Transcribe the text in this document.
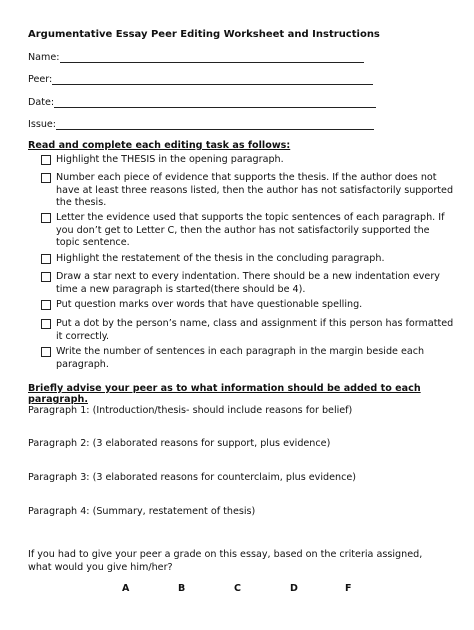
Argumentative Essay Peer Editing Worksheet and Instructions
Name:
Peer:
Date:
Issue:
Read and complete each editing task as follows:
Highlight the THESIS in the opening paragraph.
Number each piece of evidence that supports the thesis. If the author does not have at least three reasons listed, then the author has not satisfactorily supported the thesis.
Letter the evidence used that supports the topic sentences of each paragraph. If you don’t get to Letter C, then the author has not satisfactorily supported the topic sentence.
Highlight the restatement of the thesis in the concluding paragraph.
Draw a star next to every indentation. There should be a new indentation every time a new paragraph is started(there should be 4).
Put question marks over words that have questionable spelling.
Put a dot by the person’s name, class and assignment if this person has formatted it correctly.
Write the number of sentences in each paragraph in the margin beside each paragraph.
Briefly advise your peer as to what information should be added to each
paragraph.
Paragraph 1: (Introduction/thesis- should include reasons for belief)
Paragraph 2: (3 elaborated reasons for support, plus evidence)
Paragraph 3: (3 elaborated reasons for counterclaim, plus evidence)
Paragraph 4: (Summary, restatement of thesis)
If you had to give your peer a grade on this essay, based on the criteria assigned, what would you give him/her?
A	B	C	D	F
